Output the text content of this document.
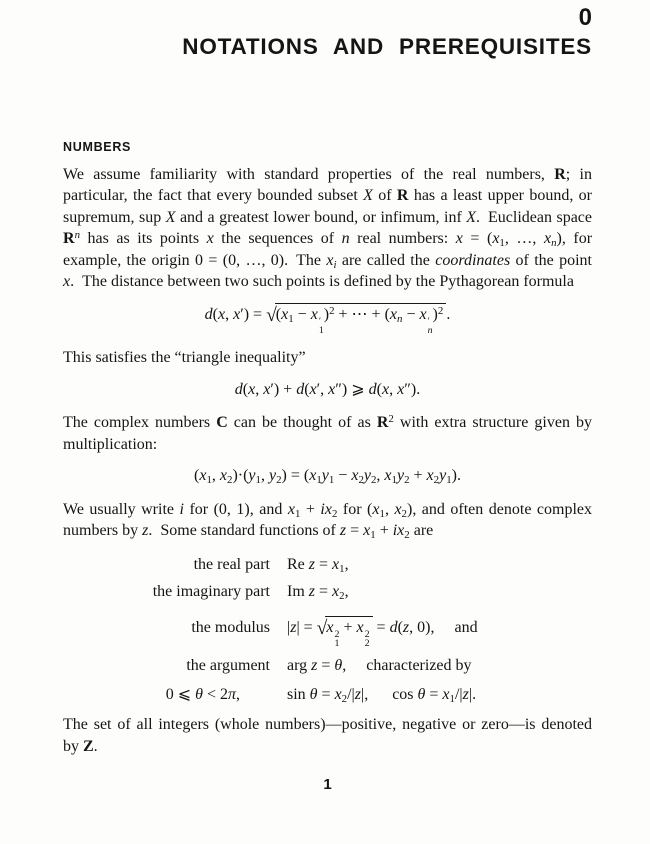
0
NOTATIONS AND PREREQUISITES
NUMBERS

We assume familiarity with standard properties of the real numbers, R; in particular, the fact that every bounded subset X of R has a least upper bound, or supremum, sup X and a greatest lower bound, or infimum, inf X. Euclidean space $R^n$ has as its points x the sequences of n real numbers: x = (x1, …, xn), for example, the origin 0 = (0, …, 0). The xi are called the coordinates of the point x. The distance between two such points is defined by the Pythagorean formula

d(x, x′) = √(x1 − x ′
1
)$^2$ + ⋯ + (xn − x ′
n
)$^2$ .

This satisfies the “triangle inequality”

d(x, x′) + d(x′, x″) ⩾ d(x, x″).

The complex numbers C can be thought of as $R^2$ with extra structure given by multiplication:

(x1, x2)·(y1, y2) = (x1y1 − x2y2, x1y2 + x2y1).

We usually write i for (0, 1), and x1 + ix2 for (x1, x2), and often denote complex numbers by z. Some standard functions of z = x1 + ix2 are

the real part Re z = x1,
the imaginary part Im z = x2,
the modulus |z| = √x 2
1
+ x 2
2
= d(z, 0),  and
the argument arg z = θ,  characterized by
0 ⩽ θ < 2π,	sin θ = x2/|z|,  cos θ = x1/|z|.

The set of all integers (whole numbers)—positive, negative or zero—is denoted by Z.

1
